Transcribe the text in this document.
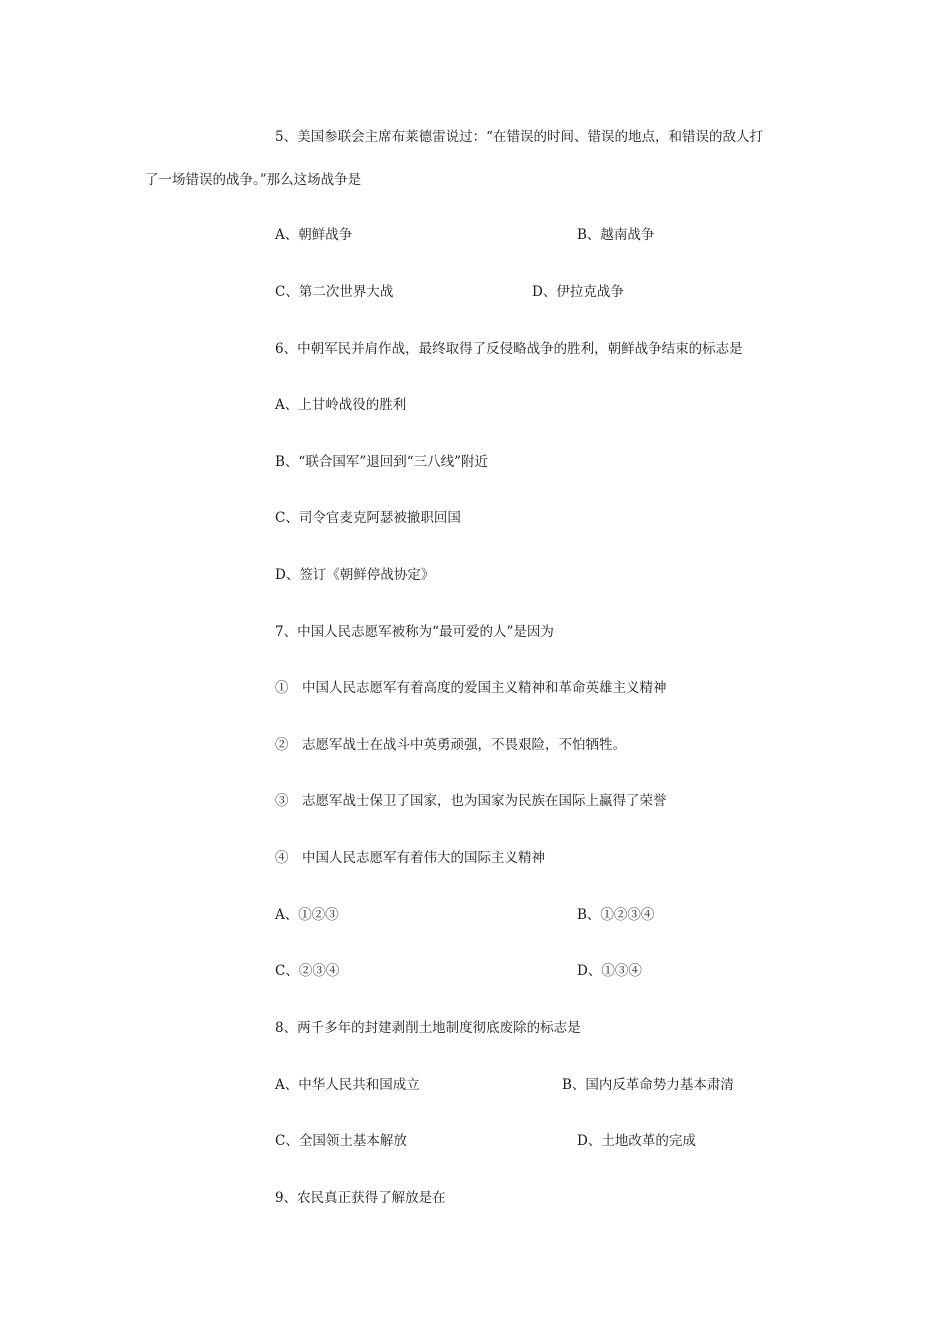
5、美国参联会主席布莱德雷说过：“在错误的时间、错误的地点，和错误的敌人打
了一场错误的战争。”那么这场战争是
A、朝鲜战争	B、越南战争
C、第二次世界大战	D、伊拉克战争
6、中朝军民并肩作战，最终取得了反侵略战争的胜利，朝鲜战争结束的标志是
A、上甘岭战役的胜利
B、“联合国军”退回到“三八线”附近
C、司令官麦克阿瑟被撤职回国
D、签订《朝鲜停战协定》
7、中国人民志愿军被称为“最可爱的人”是因为
①　中国人民志愿军有着高度的爱国主义精神和革命英雄主义精神
②　志愿军战士在战斗中英勇顽强，不畏艰险，不怕牺牲。
③　志愿军战士保卫了国家，也为国家为民族在国际上赢得了荣誉
④　中国人民志愿军有着伟大的国际主义精神
A、①②③	B、①②③④
C、②③④	D、①③④
8、两千多年的封建剥削土地制度彻底废除的标志是
A、中华人民共和国成立	B、国内反革命势力基本肃清
C、全国领土基本解放	D、土地改革的完成
9、农民真正获得了解放是在
